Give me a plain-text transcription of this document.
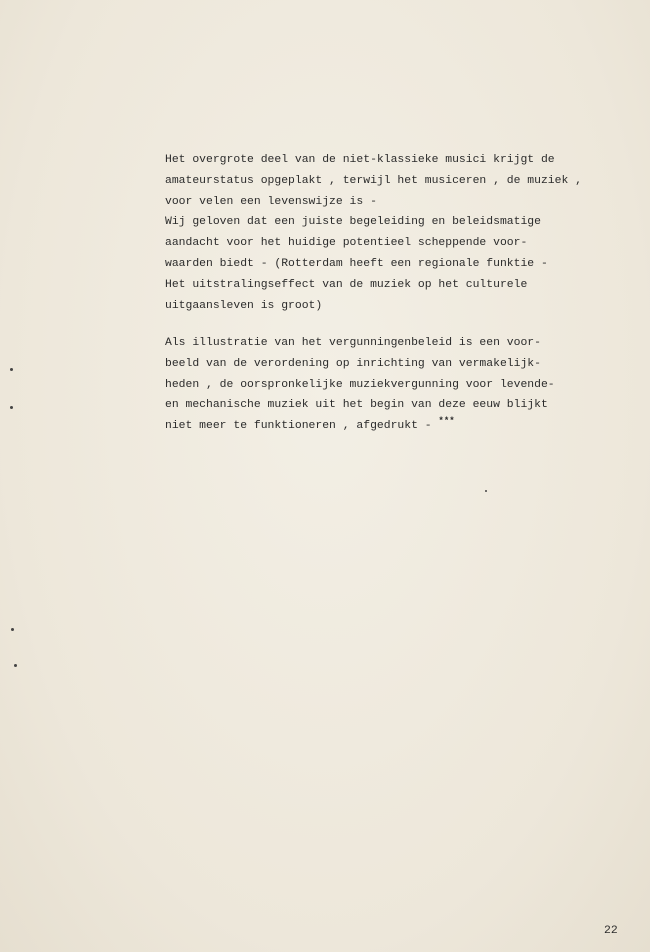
Het overgrote deel van de niet-klassieke musici krijgt de
amateurstatus opgeplakt , terwijl het musiceren , de muziek ,
voor velen een levenswijze is -
Wij geloven dat een juiste begeleiding en beleidsmatige
aandacht voor het huidige potentieel scheppende voor-
waarden biedt - (Rotterdam heeft een regionale funktie -
Het uitstralingseffect van de muziek op het culturele
uitgaansleven is groot)
Als illustratie van het vergunningenbeleid is een voor-
beeld van de verordening op inrichting van vermakelijk-
heden , de oorspronkelijke muziekvergunning voor levende-
en mechanische muziek uit het begin van deze eeuw blijkt
niet meer te funktioneren , afgedrukt - ***
22
